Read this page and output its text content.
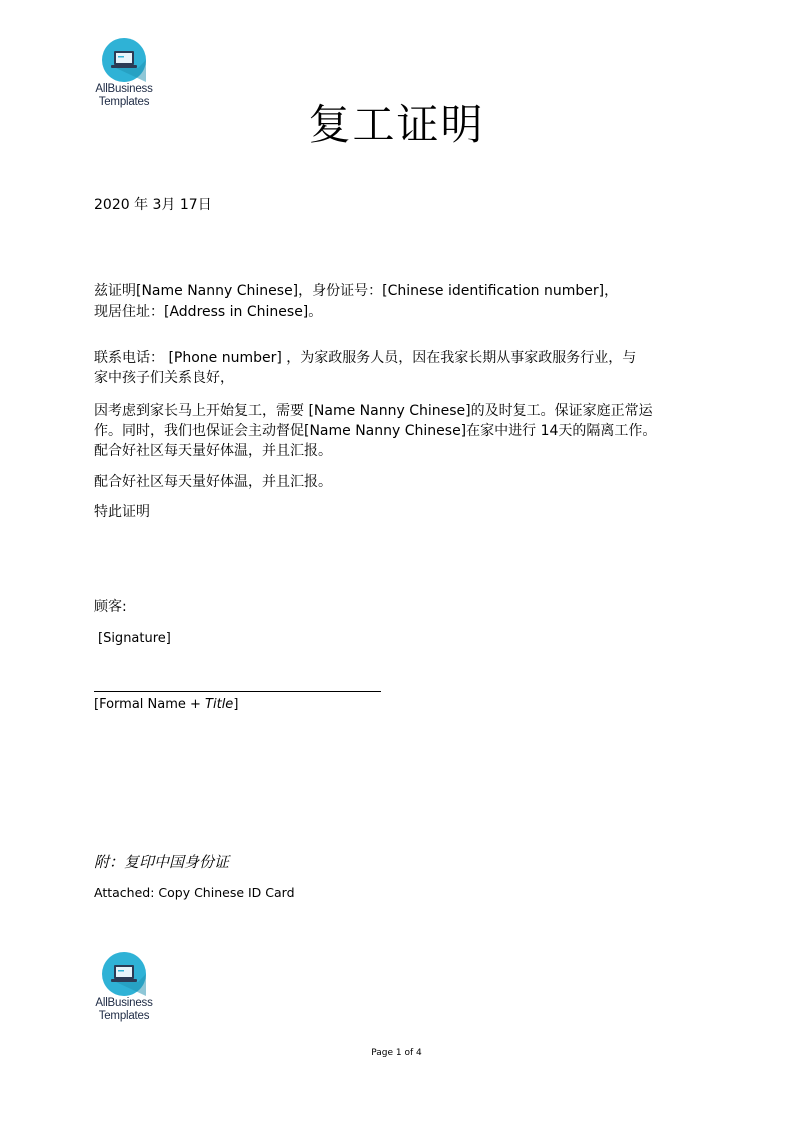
AllBusiness
Templates	复工证明
2020 年 3月 17日
兹证明[Name Nanny Chinese]，身份证号：[Chinese identification number]，
现居住址：[Address in Chinese]。
联系电话： [Phone number] ，为家政服务人员，因在我家长期从事家政服务行业，与
家中孩子们关系良好，
因考虑到家长马上开始复工，需要 [Name Nanny Chinese]的及时复工。保证家庭正常运
作。同时，我们也保证会主动督促[Name Nanny Chinese]在家中进行 14天的隔离工作。
配合好社区每天量好体温，并且汇报。
配合好社区每天量好体温，并且汇报。
特此证明
顾客:
[Signature]
[Formal Name + Title]
附：复印中国身份证
Attached: Copy Chinese ID Card
AllBusiness
Templates
Page 1 of 4
